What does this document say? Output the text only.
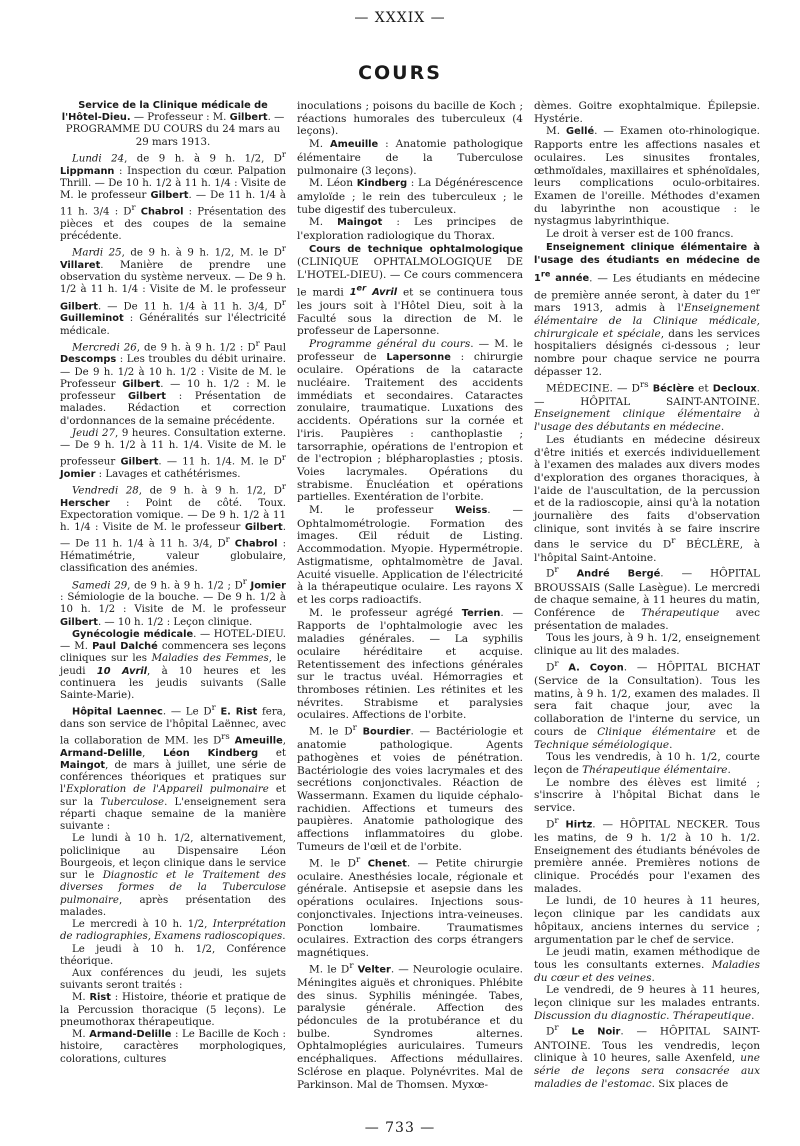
— XXXIX —
COURS

Service de la Clinique médicale de l'Hôtel-Dieu. — Professeur : M. Gilbert. — PROGRAMME DU COURS du 24 mars au 29 mars 1913.

Lundi 24, de 9 h. à 9 h. 1/2, $D^r$ Lippmann : Inspection du cœur. Palpation Thrill. — De 10 h. 1/2 à 11 h. 1/4 : Visite de M. le professeur Gilbert. — De 11 h. 1/4 à 11 h. 3/4 : $D^r$ Chabrol : Présentation des pièces et des coupes de la semaine précédente.

Mardi 25, de 9 h. à 9 h. 1/2, M. le $D^r$ Villaret. Manière de prendre une observation du système nerveux. — De 9 h. 1/2 à 11 h. 1/4 : Visite de M. le professeur Gilbert. — De 11 h. 1/4 à 11 h. 3/4, $D^r$ Guilleminot : Généralités sur l'électricité médicale.

Mercredi 26, de 9 h. à 9 h. 1/2 : $D^r$ Paul Descomps : Les troubles du débit urinaire. — De 9 h. 1/2 à 10 h. 1/2 : Visite de M. le Professeur Gilbert. — 10 h. 1/2 : M. le professeur Gilbert : Présentation de malades. Rédaction et correction d'ordonnances de la semaine précédente.

Jeudi 27, 9 heures. Consultation externe. — De 9 h. 1/2 à 11 h. 1/4. Visite de M. le professeur Gilbert. — 11 h. 1/4. M. le $D^r$ Jomier : Lavages et cathétérismes.

Vendredi 28, de 9 h. à 9 h. 1/2, $D^r$ Herscher : Point de côté. Toux. Expectoration vomique. — De 9 h. 1/2 à 11 h. 1/4 : Visite de M. le professeur Gilbert. — De 11 h. 1/4 à 11 h. 3/4, $D^r$ Chabrol : Hématimétrie, valeur globulaire, classification des anémies.

Samedi 29, de 9 h. à 9 h. 1/2 ; $D^r$ Jomier : Sémiologie de la bouche. — De 9 h. 1/2 à 10 h. 1/2 : Visite de M. le professeur Gilbert. — 10 h. 1/2 : Leçon clinique.

Gynécologie médicale. — HOTEL-DIEU. — M. Paul Dalché commencera ses leçons cliniques sur les Maladies des Femmes, le jeudi 10 Avril, à 10 heures et les continuera les jeudis suivants (Salle Sainte-Marie).

Hôpital Laennec. — Le $D^r$ E. Rist fera, dans son service de l'hôpital Laënnec, avec la collaboration de MM. les $D^{rs}$ Ameuille, Armand-Delille, Léon Kindberg et Maingot, de mars à juillet, une série de conférences théoriques et pratiques sur l'Exploration de l'Appareil pulmonaire et sur la Tuberculose. L'enseignement sera réparti chaque semaine de la manière suivante :

Le lundi à 10 h. 1/2, alternativement, policlinique au Dispensaire Léon Bourgeois, et leçon clinique dans le service sur le Diagnostic et le Traitement des diverses formes de la Tuberculose pulmonaire, après présentation des malades.

Le mercredi à 10 h. 1/2, Interprétation de radiographies, Examens radioscopiques.

Le jeudi à 10 h. 1/2, Conférence théorique.

Aux conférences du jeudi, les sujets suivants seront traités :

M. Rist : Histoire, théorie et pratique de la Percussion thoracique (5 leçons). Le pneumothorax thérapeutique.

M. Armand-Delille : Le Bacille de Koch : histoire, caractères morphologiques, colorations, cultures

inoculations ; poisons du bacille de Koch ; réactions humorales des tuberculeux (4 leçons).

M. Ameuille : Anatomie pathologique élémentaire de la Tuberculose pulmonaire (3 leçons).

M. Léon Kindberg : La Dégénérescence amyloïde ; le rein des tuberculeux ; le tube digestif des tuberculeux.

M. Maingot : Les principes de l'exploration radiologique du Thorax.

Cours de technique ophtalmologique (CLINIQUE OPHTALMOLOGIQUE DE L'HOTEL-DIEU). — Ce cours commencera le mardi 1er Avril et se continuera tous les jours soit à l'Hôtel Dieu, soit à la Faculté sous la direction de M. le professeur de Lapersonne.

Programme général du cours. — M. le professeur de Lapersonne : chirurgie oculaire. Opérations de la cataracte nucléaire. Traitement des accidents immédiats et secondaires. Cataractes zonulaire, traumatique. Luxations des accidents. Opérations sur la cornée et l'iris. Paupières : canthoplastie ; tarsorraphie, opérations de l'entropion et de l'ectropion ; blépharoplasties ; ptosis. Voies lacrymales. Opérations du strabisme. Énucléation et opérations partielles. Exentération de l'orbite.

M. le professeur Weiss. — Ophtalmométrologie. Formation des images. Œil réduit de Listing. Accommodation. Myopie. Hypermétropie. Astigmatisme, ophtalmomètre de Javal. Acuité visuelle. Application de l'électricité à la thérapeutique oculaire. Les rayons X et les corps radioactifs.

M. le professeur agrégé Terrien. — Rapports de l'ophtalmologie avec les maladies générales. — La syphilis oculaire héréditaire et acquise. Retentissement des infections générales sur le tractus uvéal. Hémorragies et thromboses rétinien. Les rétinites et les névrites. Strabisme et paralysies oculaires. Affections de l'orbite.

M. le $D^r$ Bourdier. — Bactériologie et anatomie pathologique. Agents pathogènes et voies de pénétration. Bactériologie des voies lacrymales et des secrétions conjonctivales. Réaction de Wassermann. Examen du liquide céphalo-rachidien. Affections et tumeurs des paupières. Anatomie pathologique des affections inflammatoires du globe. Tumeurs de l'œil et de l'orbite.

M. le $D^r$ Chenet. — Petite chirurgie oculaire. Anesthésies locale, régionale et générale. Antisepsie et asepsie dans les opérations oculaires. Injections sous-conjonctivales. Injections intra-veineuses. Ponction lombaire. Traumatismes oculaires. Extraction des corps étrangers magnétiques.

M. le $D^r$ Velter. — Neurologie oculaire. Méningites aiguës et chroniques. Phlébite des sinus. Syphilis méningée. Tabes, paralysie générale. Affection des pédoncules de la protubérance et du bulbe. Syndromes alternes. Ophtalmoplégies auriculaires. Tumeurs encéphaliques. Affections médullaires. Sclérose en plaque. Polynévrites. Mal de Parkinson. Mal de Thomsen. Myxœ-

dèmes. Goitre exophtalmique. Épilepsie. Hystérie.

M. Gellé. — Examen oto-rhinologique. Rapports entre les affections nasales et oculaires. Les sinusites frontales, œthmoïdales, maxillaires et sphénoïdales, leurs complications oculo-orbitaires. Examen de l'oreille. Méthodes d'examen du labyrinthe non acoustique : le nystagmus labyrinthique.

Le droit à verser est de 100 francs.

Enseignement clinique élémentaire à l'usage des étudiants en médecine de 1re année. — Les étudiants en médecine de première année seront, à dater du 1er mars 1913, admis à l'Enseignement élémentaire de la Clinique médicale, chirurgicale et spéciale, dans les services hospitaliers désignés ci-dessous ; leur nombre pour chaque service ne pourra dépasser 12.

MÉDECINE. — $D^{rs}$ Béclère et Decloux. — HÔPITAL SAINT-ANTOINE. Enseignement clinique élémentaire à l'usage des débutants en médecine.

Les étudiants en médecine désireux d'être initiés et exercés individuellement à l'examen des malades aux divers modes d'exploration des organes thoraciques, à l'aide de l'auscultation, de la percussion et de la radioscopie, ainsi qu'à la notation journalière des faits d'observation clinique, sont invités à se faire inscrire dans le service du $D^r$ BÉCLÈRE, à l'hôpital Saint-Antoine.

$D^r$ André Bergé. — HÔPITAL BROUSSAIS (Salle Lasègue). Le mercredi de chaque semaine, à 11 heures du matin, Conférence de Thérapeutique avec présentation de malades.

Tous les jours, à 9 h. 1/2, enseignement clinique au lit des malades.

$D^r$ A. Coyon. — HÔPITAL BICHAT (Service de la Consultation). Tous les matins, à 9 h. 1/2, examen des malades. Il sera fait chaque jour, avec la collaboration de l'interne du service, un cours de Clinique élémentaire et de Technique séméiologique.

Tous les vendredis, à 10 h. 1/2, courte leçon de Thérapeutique élémentaire.

Le nombre des élèves est limité ; s'inscrire à l'hôpital Bichat dans le service.

$D^r$ Hirtz. — HÔPITAL NECKER. Tous les matins, de 9 h. 1/2 à 10 h. 1/2. Enseignement des étudiants bénévoles de première année. Premières notions de clinique. Procédés pour l'examen des malades.

Le lundi, de 10 heures à 11 heures, leçon clinique par les candidats aux hôpitaux, anciens internes du service ; argumentation par le chef de service.

Le jeudi matin, examen méthodique de tous les consultants externes. Maladies du cœur et des veines.

Le vendredi, de 9 heures à 11 heures, leçon clinique sur les malades entrants. Discussion du diagnostic. Thérapeutique.

$D^r$ Le Noir. — HÔPITAL SAINT-ANTOINE. Tous les vendredis, leçon clinique à 10 heures, salle Axenfeld, une série de leçons sera consacrée aux maladies de l'estomac. Six places de

— 733 —
